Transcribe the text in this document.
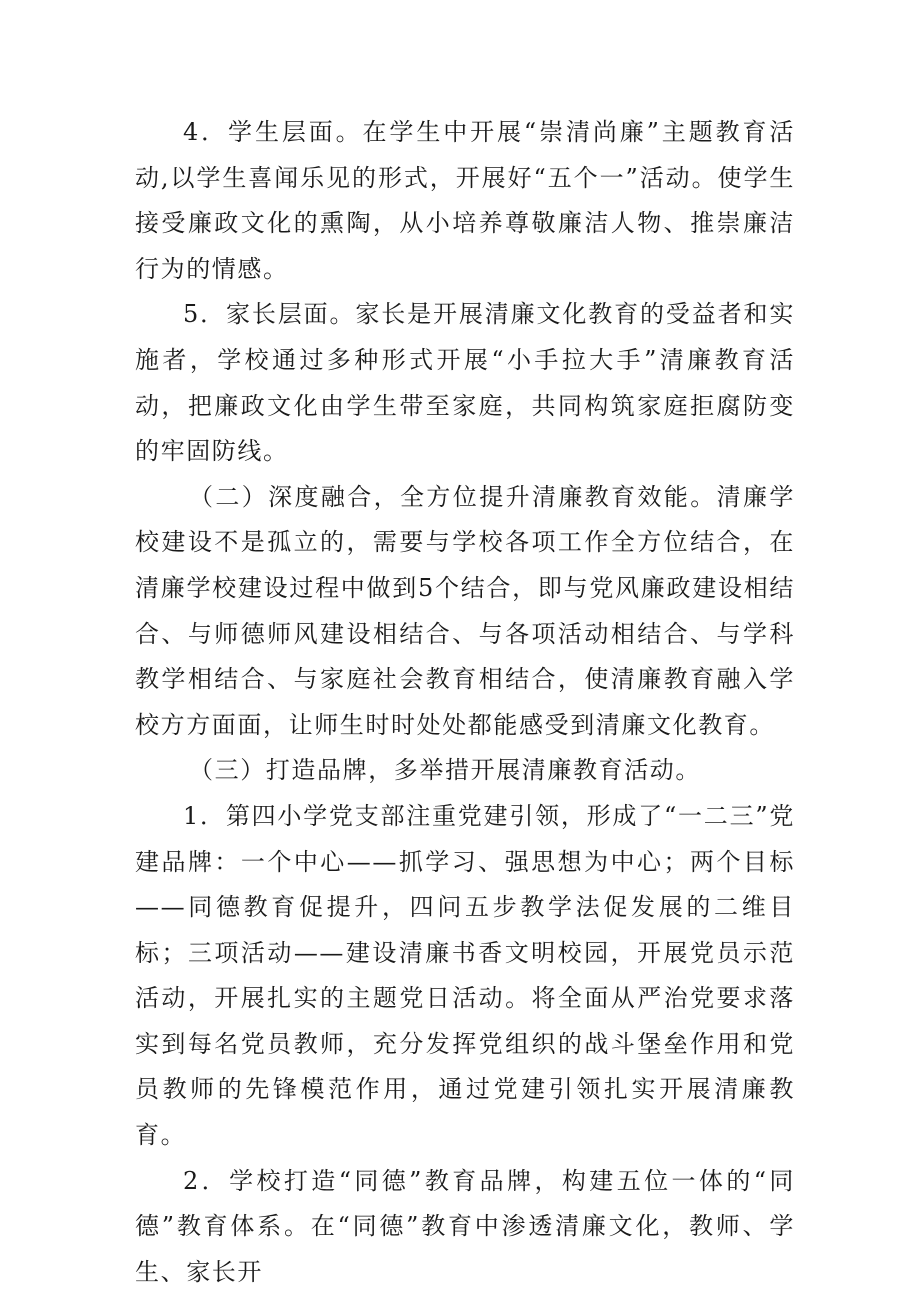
4．学生层面。在学生中开展“崇清尚廉”主题教育活动,以学生喜闻乐见的形式，开展好“五个一”活动。使学生接受廉政文化的熏陶，从小培养尊敬廉洁人物、推崇廉洁行为的情感。

5．家长层面。家长是开展清廉文化教育的受益者和实施者，学校通过多种形式开展“小手拉大手”清廉教育活动，把廉政文化由学生带至家庭，共同构筑家庭拒腐防变的牢固防线。

（二）深度融合，全方位提升清廉教育效能。清廉学校建设不是孤立的，需要与学校各项工作全方位结合，在清廉学校建设过程中做到5个结合，即与党风廉政建设相结合、与师德师风建设相结合、与各项活动相结合、与学科教学相结合、与家庭社会教育相结合，使清廉教育融入学校方方面面，让师生时时处处都能感受到清廉文化教育。

（三）打造品牌，多举措开展清廉教育活动。

1．第四小学党支部注重党建引领，形成了“一二三”党建品牌：一个中心——抓学习、强思想为中心；两个目标——同德教育促提升，四问五步教学法促发展的二维目标；三项活动——建设清廉书香文明校园，开展党员示范活动，开展扎实的主题党日活动。将全面从严治党要求落实到每名党员教师，充分发挥党组织的战斗堡垒作用和党员教师的先锋模范作用，通过党建引领扎实开展清廉教育。

2．学校打造“同德”教育品牌，构建五位一体的“同德”教育体系。在“同德”教育中渗透清廉文化，教师、学生、家长开
